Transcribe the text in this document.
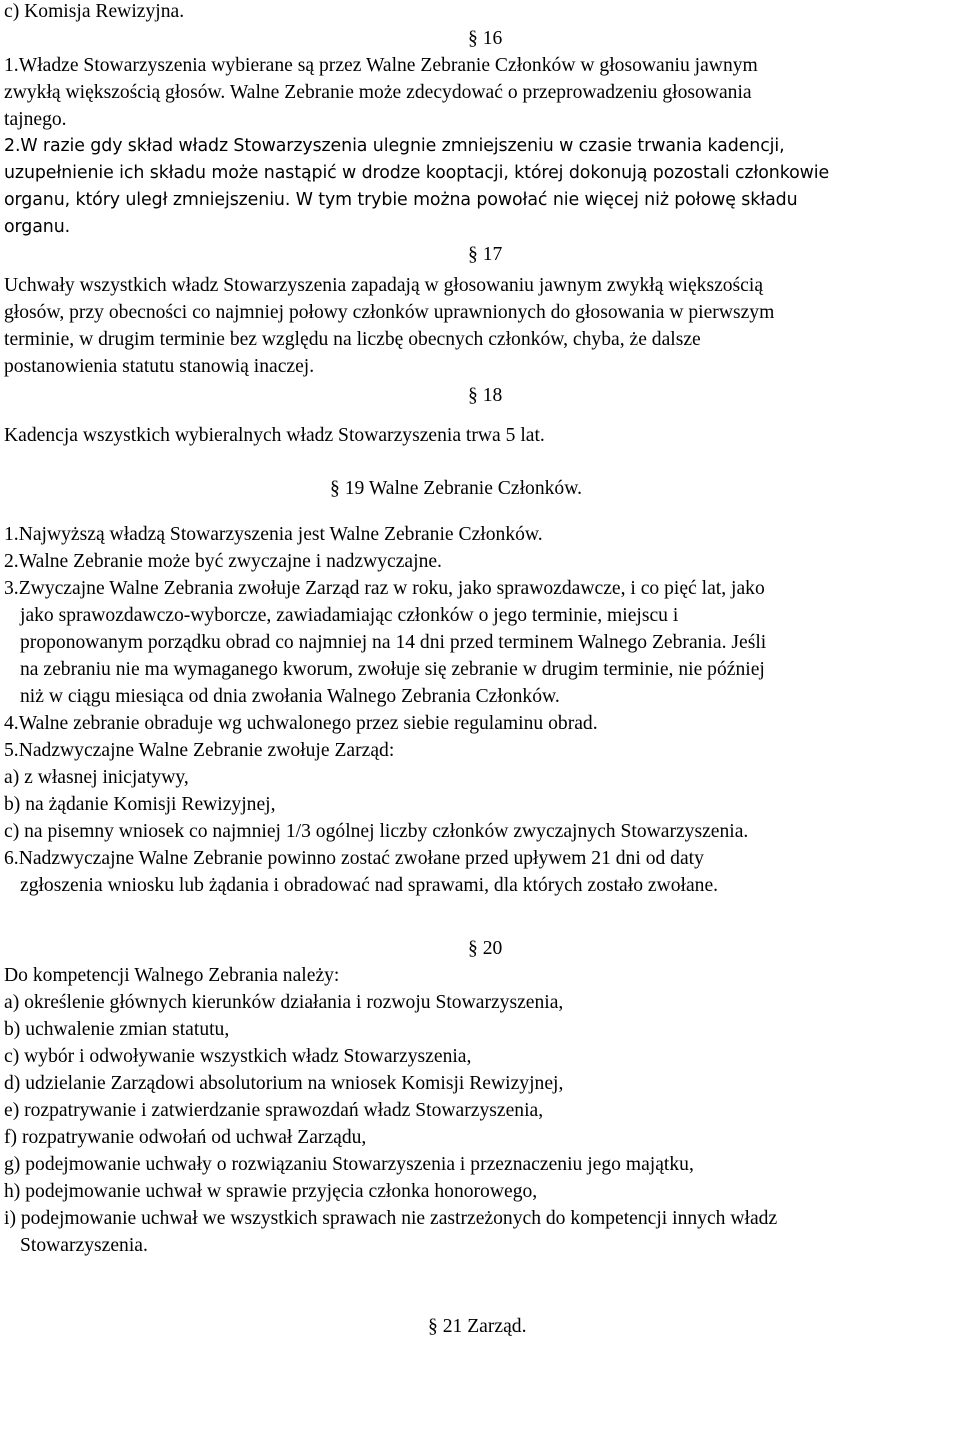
c) Komisja Rewizyjna.
§ 16
1.Władze Stowarzyszenia wybierane są przez Walne Zebranie Członków w głosowaniu jawnym
zwykłą większością głosów. Walne Zebranie może zdecydować o przeprowadzeniu głosowania
tajnego.
2.W razie gdy skład władz Stowarzyszenia ulegnie zmniejszeniu w czasie trwania kadencji,
uzupełnienie ich składu może nastąpić w drodze kooptacji, której dokonują pozostali członkowie
organu, który uległ zmniejszeniu. W tym trybie można powołać nie więcej niż połowę składu
organu.
§ 17
Uchwały wszystkich władz Stowarzyszenia zapadają w głosowaniu jawnym zwykłą większością
głosów, przy obecności co najmniej połowy członków uprawnionych do głosowania w pierwszym
terminie, w drugim terminie bez względu na liczbę obecnych członków, chyba, że dalsze
postanowienia statutu stanowią inaczej.
§ 18
Kadencja wszystkich wybieralnych władz Stowarzyszenia trwa 5 lat.
§ 19 Walne Zebranie Członków.
1.Najwyższą władzą Stowarzyszenia jest Walne Zebranie Członków.
2.Walne Zebranie może być zwyczajne i nadzwyczajne.
3.Zwyczajne Walne Zebrania zwołuje Zarząd raz w roku, jako sprawozdawcze, i co pięć lat, jako
jako sprawozdawczo-wyborcze, zawiadamiając członków o jego terminie, miejscu i
proponowanym porządku obrad co najmniej na 14 dni przed terminem Walnego Zebrania. Jeśli
na zebraniu nie ma wymaganego kworum, zwołuje się zebranie w drugim terminie, nie później
niż w ciągu miesiąca od dnia zwołania Walnego Zebrania Członków.
4.Walne zebranie obraduje wg uchwalonego przez siebie regulaminu obrad.
5.Nadzwyczajne Walne Zebranie zwołuje Zarząd:
a) z własnej inicjatywy,
b) na żądanie Komisji Rewizyjnej,
c) na pisemny wniosek co najmniej 1/3 ogólnej liczby członków zwyczajnych Stowarzyszenia.
6.Nadzwyczajne Walne Zebranie powinno zostać zwołane przed upływem 21 dni od daty
zgłoszenia wniosku lub żądania i obradować nad sprawami, dla których zostało zwołane.
§ 20
Do kompetencji Walnego Zebrania należy:
a) określenie głównych kierunków działania i rozwoju Stowarzyszenia,
b) uchwalenie zmian statutu,
c) wybór i odwoływanie wszystkich władz Stowarzyszenia,
d) udzielanie Zarządowi absolutorium na wniosek Komisji Rewizyjnej,
e) rozpatrywanie i zatwierdzanie sprawozdań władz Stowarzyszenia,
f) rozpatrywanie odwołań od uchwał Zarządu,
g) podejmowanie uchwały o rozwiązaniu Stowarzyszenia i przeznaczeniu jego majątku,
h) podejmowanie uchwał w sprawie przyjęcia członka honorowego,
i) podejmowanie uchwał we wszystkich sprawach nie zastrzeżonych do kompetencji innych władz
Stowarzyszenia.
§ 21 Zarząd.
